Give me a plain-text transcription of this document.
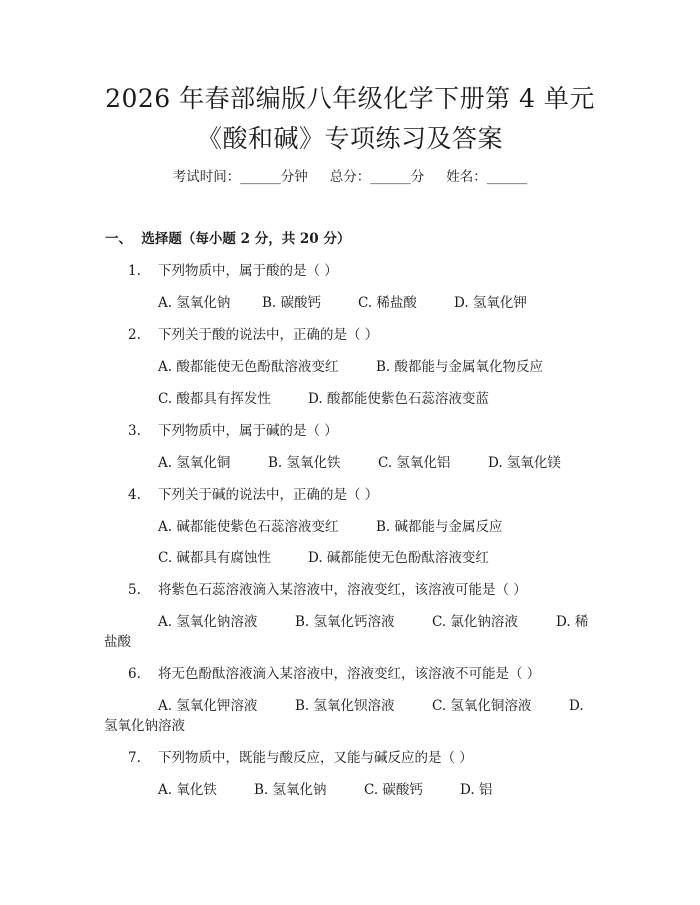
2026 年春部编版八年级化学下册第 4 单元
《酸和碱》专项练习及答案
考试时间：______分钟 总分：______分 姓名：______
一、  选择题（每小题 2 分，共 20 分）
1. 下列物质中，属于酸的是（ ）
A. 氢氧化钠 B. 碳酸钙	C. 稀盐酸	D. 氢氧化钾
2. 下列关于酸的说法中，正确的是（ ）
A. 酸都能使无色酚酞溶液变红	B. 酸都能与金属氧化物反应
C. 酸都具有挥发性	D. 酸都能使紫色石蕊溶液变蓝
3. 下列物质中，属于碱的是（ ）
A. 氢氧化铜	B. 氢氧化铁	C. 氢氧化铝	D. 氢氧化镁
4. 下列关于碱的说法中，正确的是（ ）
A. 碱都能使紫色石蕊溶液变红	B. 碱都能与金属反应
C. 碱都具有腐蚀性	D. 碱都能使无色酚酞溶液变红
5. 将紫色石蕊溶液滴入某溶液中，溶液变红，该溶液可能是（ ）
A. 氢氧化钠溶液	B. 氢氧化钙溶液	C. 氯化钠溶液	D. 稀
盐酸
6. 将无色酚酞溶液滴入某溶液中，溶液变红，该溶液不可能是（ ）
A. 氢氧化钾溶液	B. 氢氧化钡溶液	C. 氢氧化铜溶液	D.
氢氧化钠溶液
7. 下列物质中，既能与酸反应，又能与碱反应的是（ ）
A. 氧化铁	B. 氢氧化钠	C. 碳酸钙	D. 铝
